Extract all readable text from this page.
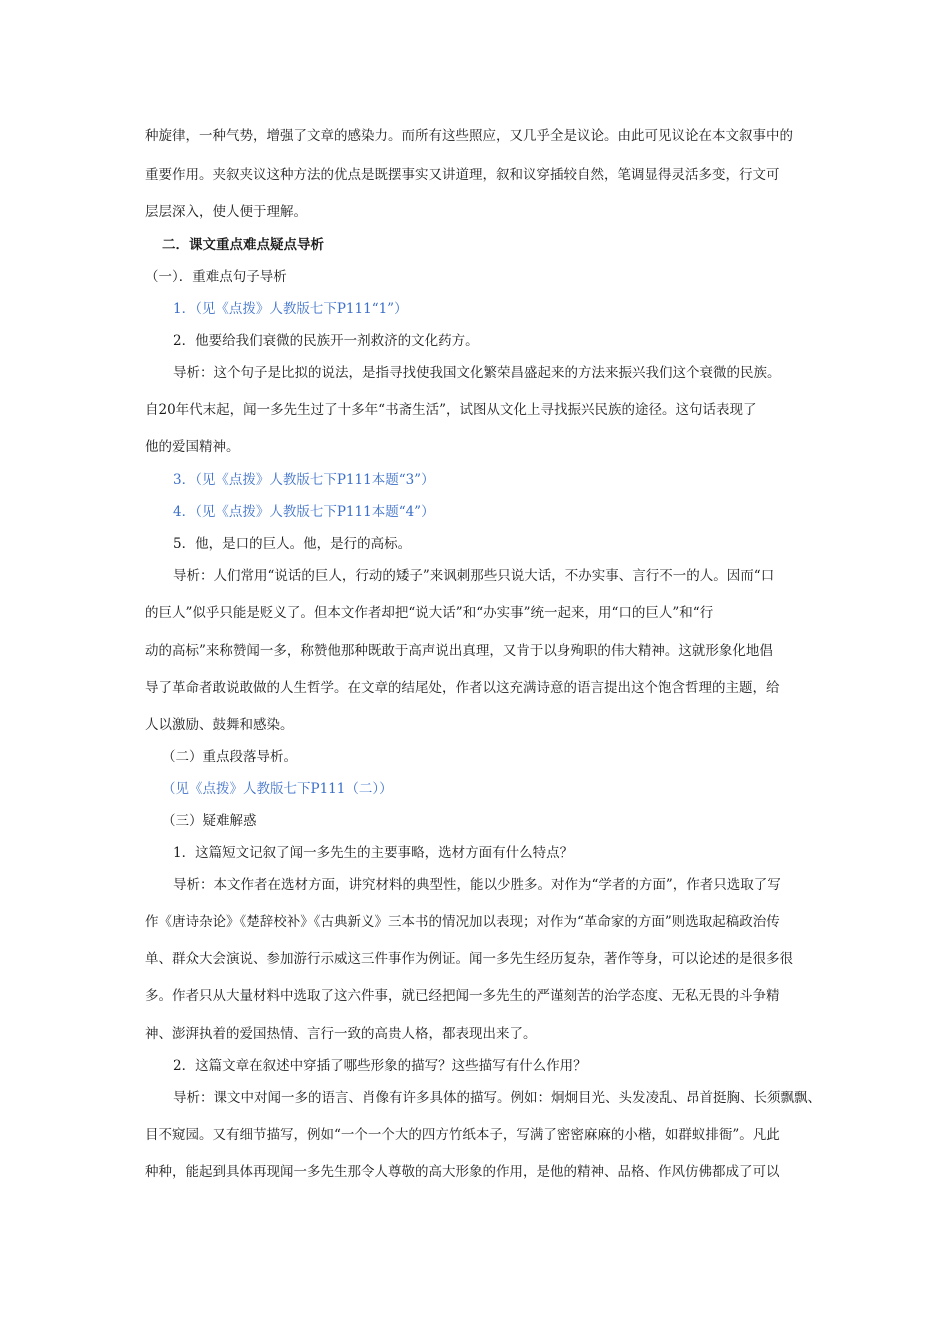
种旋律，一种气势，增强了文章的感染力。而所有这些照应，又几乎全是议论。由此可见议论在本文叙事中的
重要作用。夹叙夹议这种方法的优点是既摆事实又讲道理，叙和议穿插较自然，笔调显得灵活多变，行文可
层层深入，使人便于理解。
二．课文重点难点疑点导析
（一）．重难点句子导析
1．（见《点拨》人教版七下P111“1”）
2．他要给我们衰微的民族开一剂救济的文化药方。
导析：这个句子是比拟的说法，是指寻找使我国文化繁荣昌盛起来的方法来振兴我们这个衰微的民族。
自20年代末起，闻一多先生过了十多年“书斋生活”，试图从文化上寻找振兴民族的途径。这句话表现了
他的爱国精神。
3．（见《点拨》人教版七下P111本题“3”）
4．（见《点拨》人教版七下P111本题“4”）
5．他，是口的巨人。他，是行的高标。
导析：人们常用“说话的巨人，行动的矮子”来讽刺那些只说大话，不办实事、言行不一的人。因而“口
的巨人”似乎只能是贬义了。但本文作者却把“说大话”和“办实事”统一起来，用“口的巨人”和“行
动的高标”来称赞闻一多，称赞他那种既敢于高声说出真理，又肯于以身殉职的伟大精神。这就形象化地倡
导了革命者敢说敢做的人生哲学。在文章的结尾处，作者以这充满诗意的语言提出这个饱含哲理的主题，给
人以激励、鼓舞和感染。
（二）重点段落导析。
（见《点拨》人教版七下P111（二））
（三）疑难解惑
1．这篇短文记叙了闻一多先生的主要事略，选材方面有什么特点？
导析：本文作者在选材方面，讲究材料的典型性，能以少胜多。对作为“学者的方面”，作者只选取了写
作《唐诗杂论》《楚辞校补》《古典新义》三本书的情况加以表现；对作为“革命家的方面”则选取起稿政治传
单、群众大会演说、参加游行示威这三件事作为例证。闻一多先生经历复杂，著作等身，可以论述的是很多很
多。作者只从大量材料中选取了这六件事，就已经把闻一多先生的严谨刻苦的治学态度、无私无畏的斗争精
神、澎湃执着的爱国热情、言行一致的高贵人格，都表现出来了。
2．这篇文章在叙述中穿插了哪些形象的描写？这些描写有什么作用？
导析：课文中对闻一多的语言、肖像有许多具体的描写。例如：炯炯目光、头发凌乱、昂首挺胸、长须飘飘、
目不窥园。又有细节描写，例如“一个一个大的四方竹纸本子，写满了密密麻麻的小楷，如群蚁排衙”。凡此
种种，能起到具体再现闻一多先生那令人尊敬的高大形象的作用，是他的精神、品格、作风仿佛都成了可以
